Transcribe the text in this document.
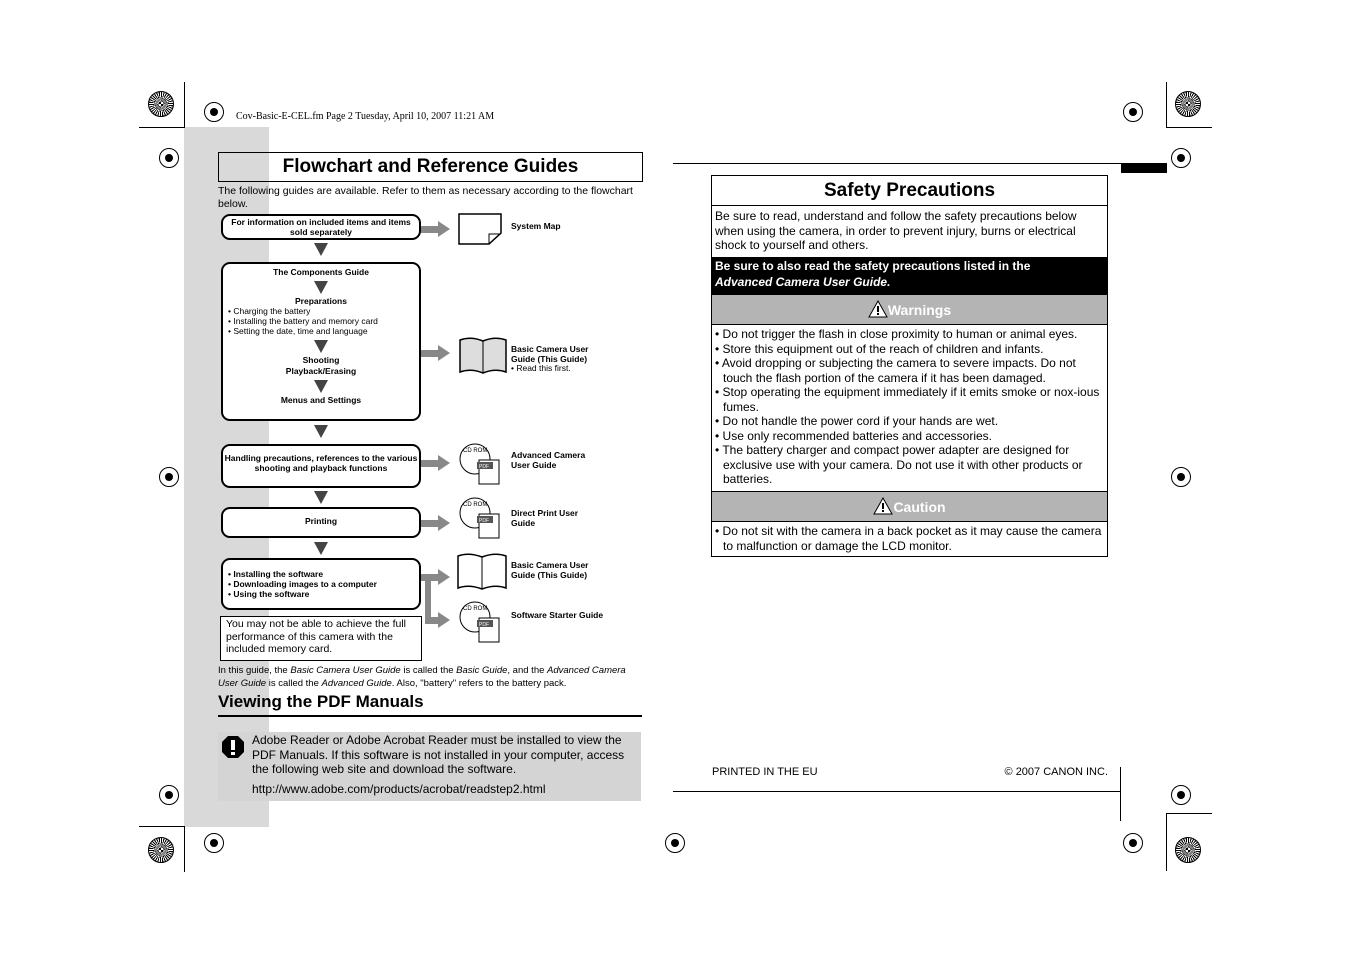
Cov-Basic-E-CEL.fm Page 2 Tuesday, April 10, 2007 11:21 AM
Flowchart and Reference Guides
The following guides are available. Refer to them as necessary according to the flowchart below.
For information on included items and items sold separately
System Map
The Components Guide
Preparations
• Charging the battery
• Installing the battery and memory card
• Setting the date, time and language
Shooting
Playback/Erasing
Menus and Settings
Basic Camera User Guide (This Guide)
• Read this first.
Handling precautions, references to the various shooting and playback functions
Printing
• Installing the software
• Downloading images to a computer
• Using the software
Advanced Camera User Guide
Direct Print User Guide
Basic Camera User Guide (This Guide)
Software Starter Guide
CD ROM
PDF
CD ROM
PDF
CD ROM
PDF
You may not be able to achieve the full performance of this camera with the included memory card.
In this guide, the Basic Camera User Guide is called the Basic Guide, and the Advanced Camera User Guide is called the Advanced Guide. Also, "battery" refers to the battery pack.
Viewing the PDF Manuals
Adobe Reader or Adobe Acrobat Reader must be installed to view the PDF Manuals. If this software is not installed in your computer, access the following web site and download the software.
http://www.adobe.com/products/acrobat/readstep2.html
Safety Precautions
Be sure to read, understand and follow the safety precautions below when using the camera, in order to prevent injury, burns or electrical shock to yourself and others.
Be sure to also read the safety precautions listed in the
Advanced Camera User Guide.
Warnings
• Do not trigger the flash in close proximity to human or animal eyes.
• Store this equipment out of the reach of children and infants.
• Avoid dropping or subjecting the camera to severe impacts. Do not touch the flash portion of the camera if it has been damaged.
• Stop operating the equipment immediately if it emits smoke or nox-ious fumes.
• Do not handle the power cord if your hands are wet.
• Use only recommended batteries and accessories.
• The battery charger and compact power adapter are designed for exclusive use with your camera. Do not use it with other products or batteries.
Caution
• Do not sit with the camera in a back pocket as it may cause the camera to malfunction or damage the LCD monitor.
PRINTED IN THE EU	© 2007 CANON INC.
